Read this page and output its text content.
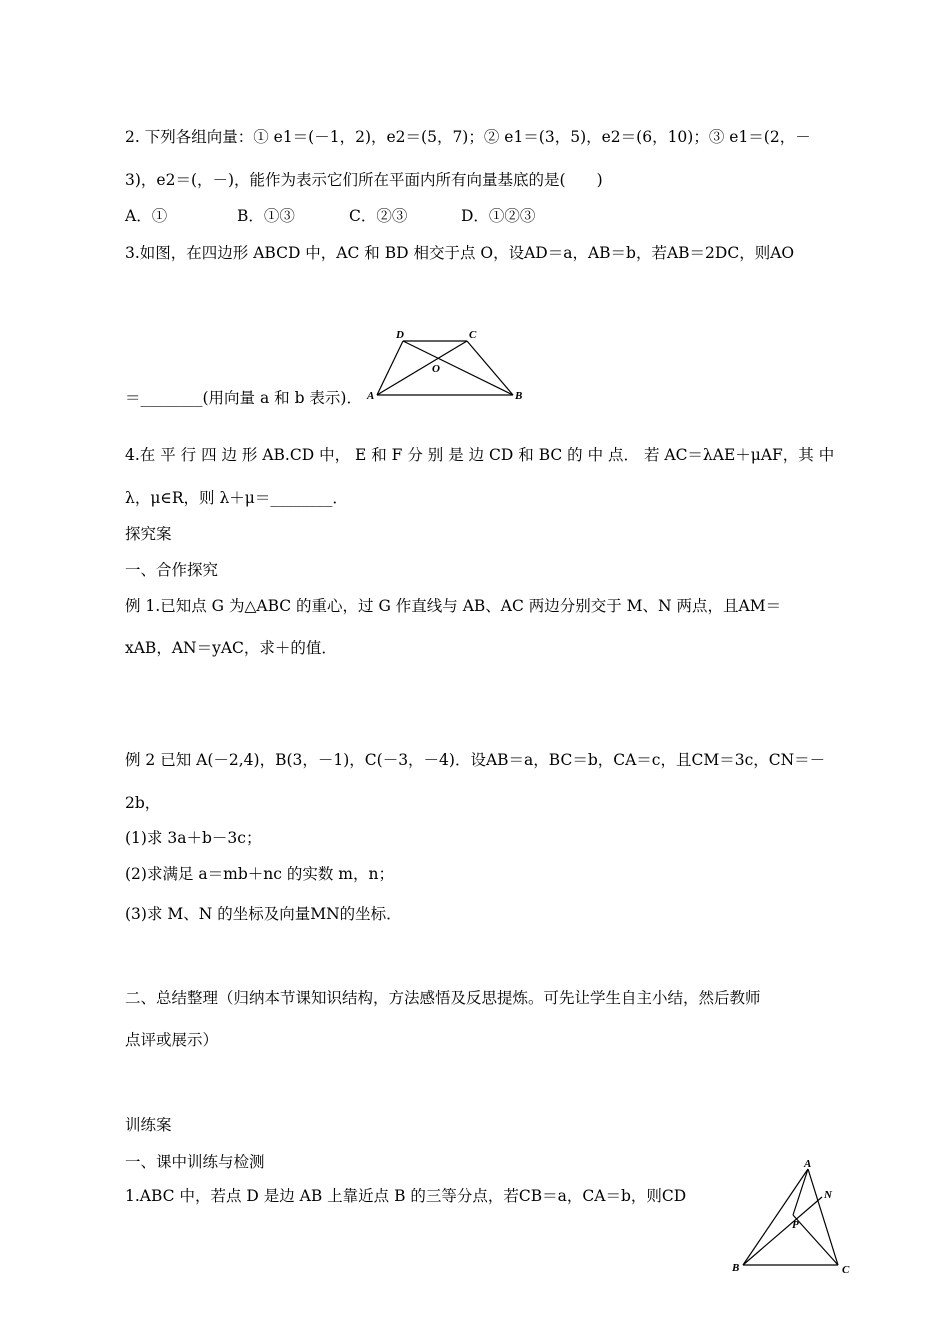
2. 下列各组向量：① e1＝(－1，2)，e2＝(5，7)；② e1＝(3，5)，e2＝(6，10)；③ e1＝(2，－
3)，e2＝(，－)，能作为表示它们所在平面内所有向量基底的是(　　)
A．①	B．①③	C．②③	D．①②③
3.如图，在四边形 ABCD 中，AC 和 BD 相交于点 O，设AD＝a，AB＝b，若AB＝2DC，则AO
A	B
C
D
O
＝________(用向量 a 和 b 表示)．
4.在 平 行 四 边 形 AB.CD 中， E 和 F 分 别 是 边 CD 和 BC 的 中 点． 若 AC＝λAE＋μAF，其 中
λ，μ∈R，则 λ＋μ＝________．
探究案
一、合作探究
例 1.已知点 G 为△ABC 的重心，过 G 作直线与 AB、AC 两边分别交于 M、N 两点，且AM＝
xAB，AN＝yAC，求＋的值．
例 2 已知 A(－2,4)，B(3，－1)，C(－3，－4)．设AB＝a，BC＝b，CA＝c，且CM＝3c，CN＝－
2b，
(1)求 3a＋b－3c；
(2)求满足 a＝mb＋nc 的实数 m，n；
(3)求 M、N 的坐标及向量MN的坐标．
二、总结整理（归纳本节课知识结构，方法感悟及反思提炼。可先让学生自主小结，然后教师
点评或展示）
训练案
一、课中训练与检测
1.ABC 中，若点 D 是边 AB 上靠近点 B 的三等分点，若CB＝a，CA＝b，则CD
A
B	C
N
P
